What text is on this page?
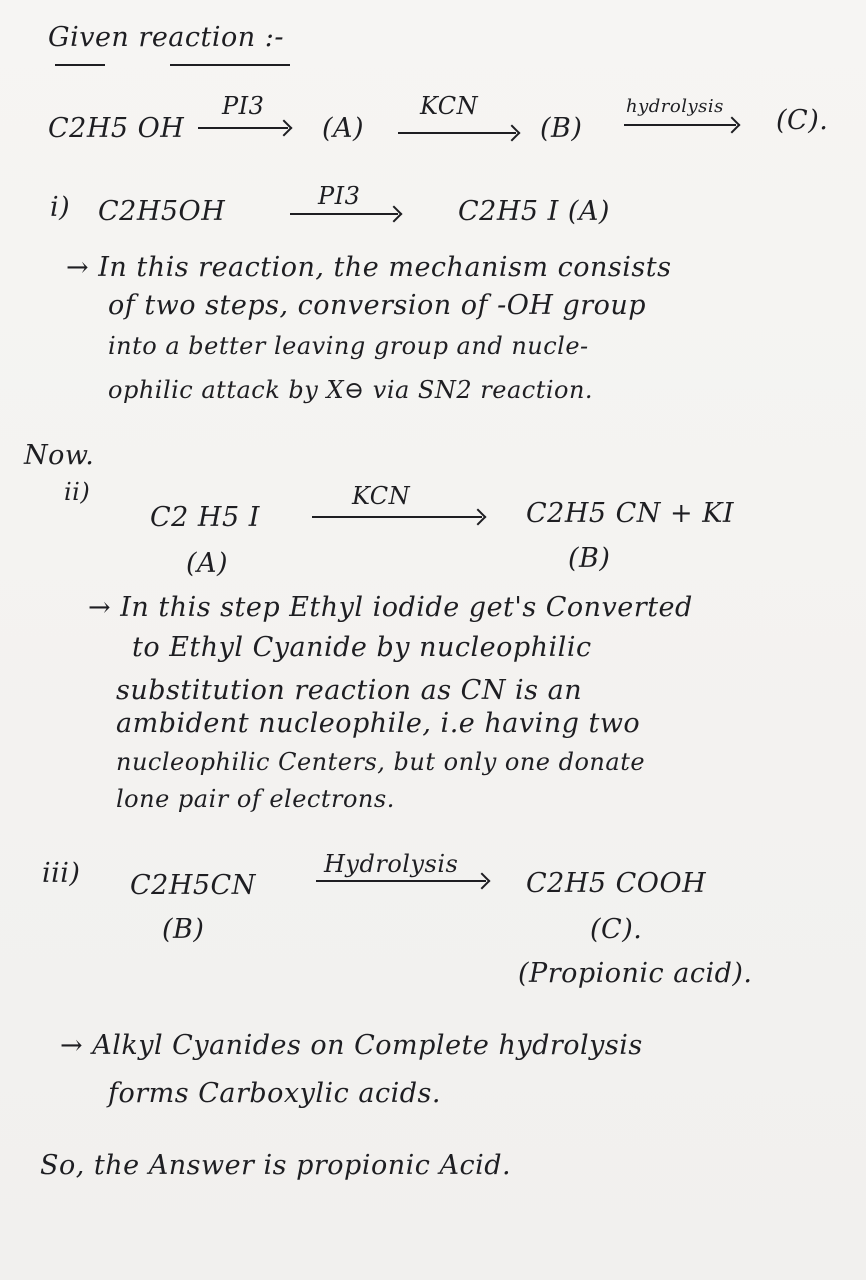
Given reaction :-
C2H5 OH
PI3
(A)
KCN
(B)
hydrolysis (C).
i) C2H5OH	PI3	C2H5 I (A)
→ In this reaction, the mechanism consists
of two steps, conversion of -OH group
into a better leaving group and nucle-
ophilic attack by X⊖ via SN2 reaction.
Now.
ii)
C2 H5 I
(A)
KCN
C2H5 CN + KI
(B)
→ In this step Ethyl iodide get's Converted
to Ethyl Cyanide by nucleophilic
substitution reaction as CN is an
ambident nucleophile, i.e having two
nucleophilic Centers, but only one donate
lone pair of electrons.
iii) C2H5CN
(B)
Hydrolysis
C2H5 COOH
(C).
(Propionic acid).
→ Alkyl Cyanides on Complete hydrolysis
forms Carboxylic acids.
So, the Answer is propionic Acid.
